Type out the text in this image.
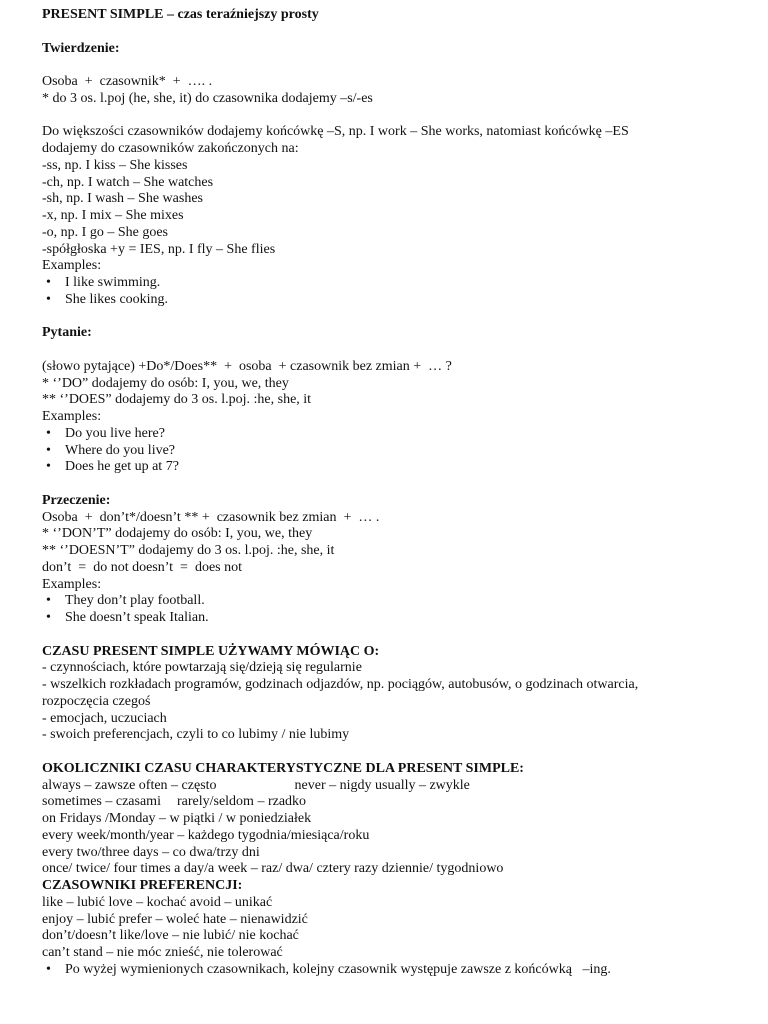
PRESENT SIMPLE – czas teraźniejszy prosty
Twierdzenie:
Osoba  +  czasownik*  +  …. .
* do 3 os. l.poj (he, she, it) do czasownika dodajemy –s/-es
Do większości czasowników dodajemy końcówkę –S, np. I work – She works, natomiast końcówkę –ES
dodajemy do czasowników zakończonych na:
-ss, np. I kiss – She kisses
-ch, np. I watch – She watches
-sh, np. I wash – She washes
-x, np. I mix – She mixes
-o, np. I go – She goes
-spółgłoska +y = IES, np. I fly – She flies
Examples:
• I like swimming.
• She likes cooking.
Pytanie:
(słowo pytające) +Do*/Does**  +  osoba  + czasownik bez zmian +  … ?
* ‘’DO” dodajemy do osób: I, you, we, they
** ‘’DOES” dodajemy do 3 os. l.poj. :he, she, it
Examples:
• Do you live here?
• Where do you live?
• Does he get up at 7?
Przeczenie:
Osoba  +  don’t*/doesn’t ** +  czasownik bez zmian  +  … .
* ‘’DON’T” dodajemy do osób: I, you, we, they
** ‘’DOESN’T” dodajemy do 3 os. l.poj. :he, she, it
don’t  =  do not doesn’t  =  does not
Examples:
• They don’t play football.
• She doesn’t speak Italian.
CZASU PRESENT SIMPLE UŻYWAMY MÓWIĄC O:
- czynnościach, które powtarzają się/dzieją się regularnie
- wszelkich rozkładach programów, godzinach odjazdów, np. pociągów, autobusów, o godzinach otwarcia,
rozpoczęcia czegoś
- emocjach, uczuciach
- swoich preferencjach, czyli to co lubimy / nie lubimy
OKOLICZNIKI CZASU CHARAKTERYSTYCZNE DLA PRESENT SIMPLE:
always – zawsze often – często	never – nigdy usually – zwykle
sometimes – czasami rarely/seldom – rzadko
on Fridays /Monday – w piątki / w poniedziałek
every week/month/year – każdego tygodnia/miesiąca/roku
every two/three days – co dwa/trzy dni
once/ twice/ four times a day/a week – raz/ dwa/ cztery razy dziennie/ tygodniowo
CZASOWNIKI PREFERENCJI:
like – lubić love – kochać avoid – unikać
enjoy – lubić prefer – woleć hate – nienawidzić
don’t/doesn’t like/love – nie lubić/ nie kochać
can’t stand – nie móc znieść, nie tolerować
• Po wyżej wymienionych czasownikach, kolejny czasownik występuje zawsze z końcówką   –ing.
